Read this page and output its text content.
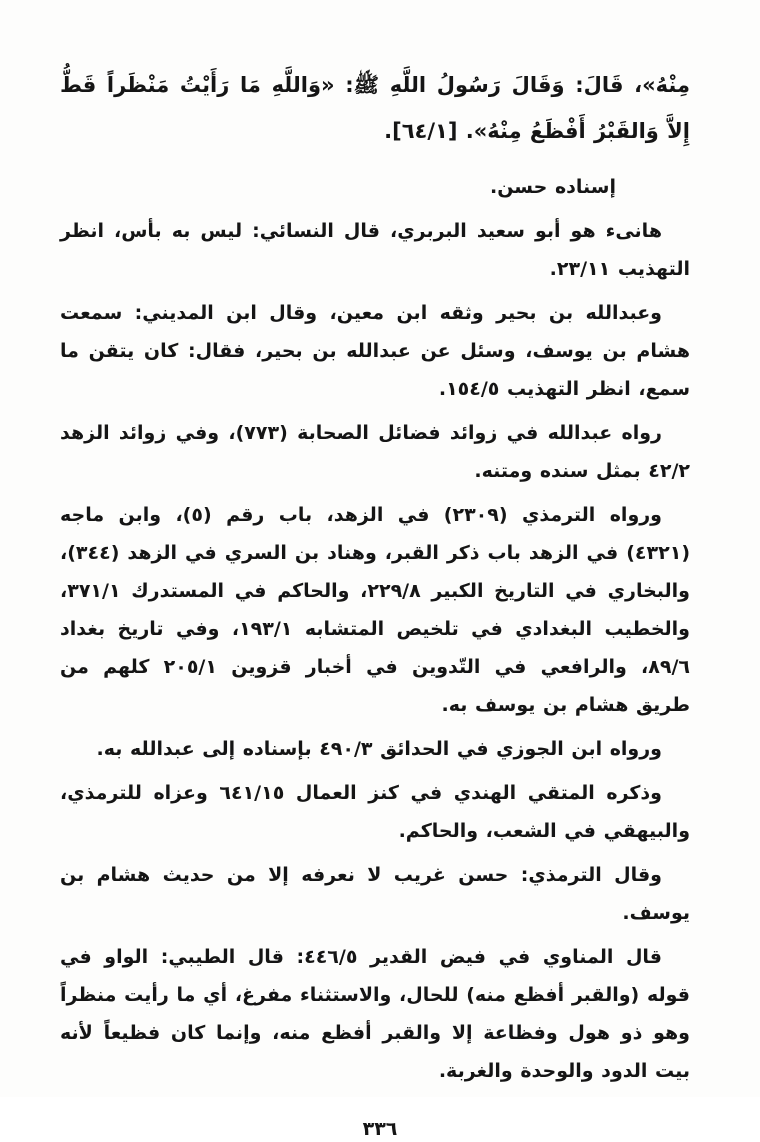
مِنْهُ»، قَالَ: وَقَالَ رَسُولُ اللَّهِ ﷺ: «وَاللَّهِ مَا رَأَيْتُ مَنْظَراً قَطُّ إِلاَّ وَالقَبْرُ أَفْظَعُ مِنْهُ». [٦٤/١].

إسناده حسن.

هانىء هو أبو سعيد البربري، قال النسائي: ليس به بأس، انظر التهذيب ٢٣/١١.

وعبدالله بن بحير وثقه ابن معين، وقال ابن المديني: سمعت هشام بن يوسف، وسئل عن عبدالله بن بحير، فقال: كان يتقن ما سمع، انظر التهذيب ١٥٤/٥.

رواه عبدالله في زوائد فضائل الصحابة (٧٧٣)، وفي زوائد الزهد ٤٢/٢ بمثل سنده ومتنه.

ورواه الترمذي (٢٣٠٩) في الزهد، باب رقم (٥)، وابن ماجه (٤٣٢١) في الزهد باب ذكر القبر، وهناد بن السري في الزهد (٣٤٤)، والبخاري في التاريخ الكبير ٢٢٩/٨، والحاكم في المستدرك ٣٧١/١، والخطيب البغدادي في تلخيص المتشابه ١٩٣/١، وفي تاريخ بغداد ٨٩/٦، والرافعي في التّدوين في أخبار قزوين ٢٠٥/١ كلهم من طريق هشام بن يوسف به.

ورواه ابن الجوزي في الحدائق ٤٩٠/٣ بإسناده إلى عبدالله به.

وذكره المتقي الهندي في كنز العمال ٦٤١/١٥ وعزاه للترمذي، والبيهقي في الشعب، والحاكم.

وقال الترمذي: حسن غريب لا نعرفه إلا من حديث هشام بن يوسف.

قال المناوي في فيض القدير ٤٤٦/٥: قال الطيبي: الواو في قوله (والقبر أفظع منه) للحال، والاستثناء مفرغ، أي ما رأيت منظراً وهو ذو هول وفظاعة إلا والقبر أفظع منه، وإنما كان فظيعاً لأنه بيت الدود والوحدة والغربة.

٣٣٦
